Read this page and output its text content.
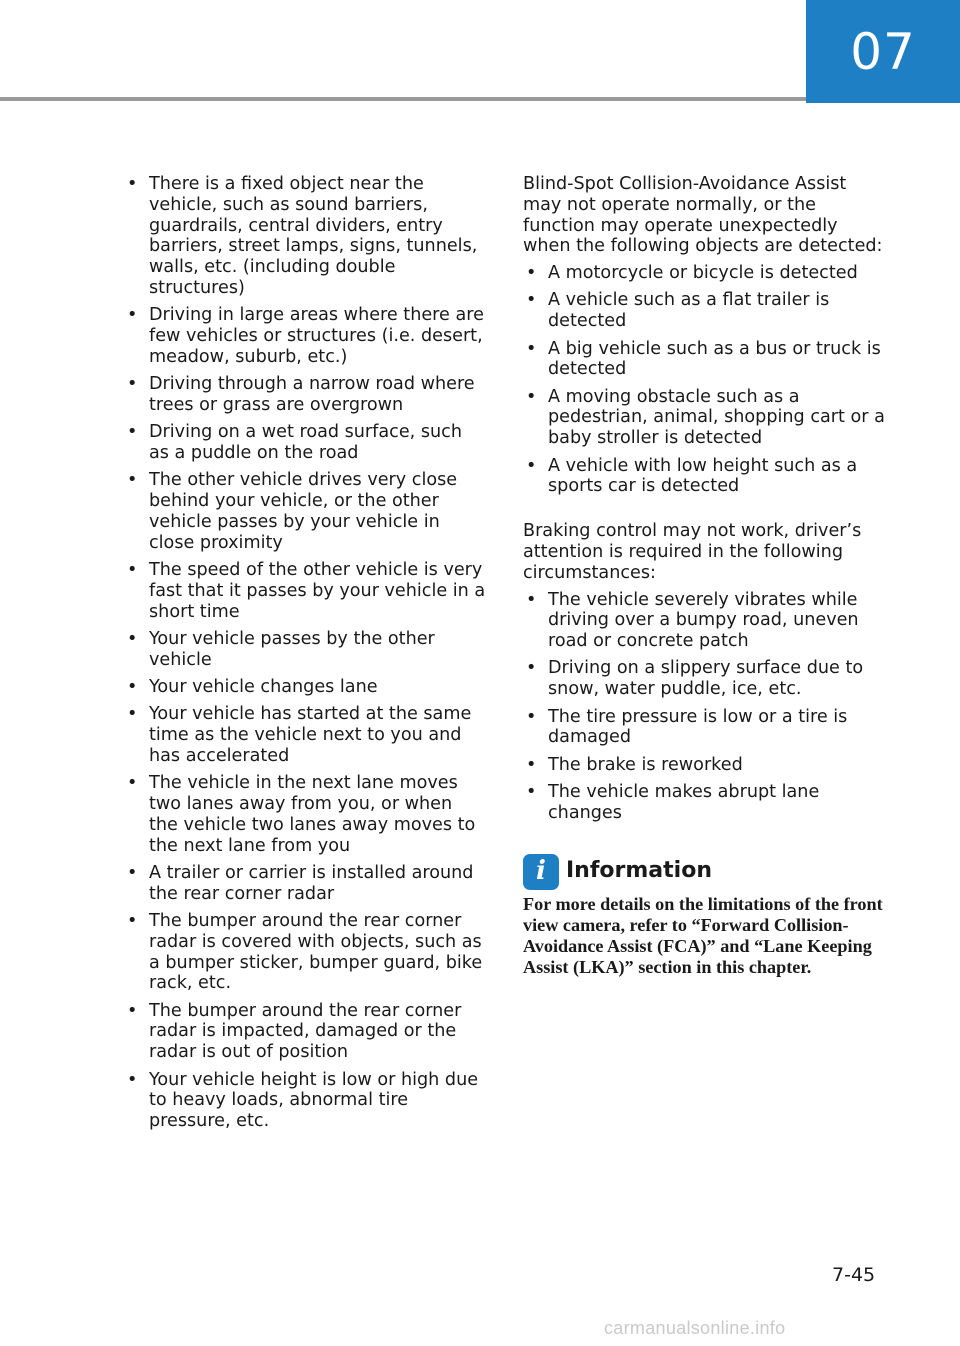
07
• There is a fixed object near the vehicle, such as sound barriers, guardrails, central dividers, entry barriers, street lamps, signs, tunnels, walls, etc. (including double structures)
• Driving in large areas where there are few vehicles or structures (i.e. desert, meadow, suburb, etc.)
• Driving through a narrow road where trees or grass are overgrown
• Driving on a wet road surface, such as a puddle on the road
• The other vehicle drives very close behind your vehicle, or the other vehicle passes by your vehicle in close proximity
• The speed of the other vehicle is very fast that it passes by your vehicle in a short time
• Your vehicle passes by the other vehicle
• Your vehicle changes lane
• Your vehicle has started at the same time as the vehicle next to you and has accelerated
• The vehicle in the next lane moves two lanes away from you, or when the vehicle two lanes away moves to the next lane from you
• A trailer or carrier is installed around the rear corner radar
• The bumper around the rear corner radar is covered with objects, such as a bumper sticker, bumper guard, bike rack, etc.
• The bumper around the rear corner radar is impacted, damaged or the radar is out of position
• Your vehicle height is low or high due to heavy loads, abnormal tire pressure, etc.

Blind-Spot Collision-Avoidance Assist may not operate normally, or the function may operate unexpectedly when the following objects are detected:

• A motorcycle or bicycle is detected
• A vehicle such as a flat trailer is detected
• A big vehicle such as a bus or truck is detected
• A moving obstacle such as a pedestrian, animal, shopping cart or a baby stroller is detected
• A vehicle with low height such as a sports car is detected

Braking control may not work, driver’s attention is required in the following circumstances:

• The vehicle severely vibrates while driving over a bumpy road, uneven road or concrete patch
• Driving on a slippery surface due to snow, water puddle, ice, etc.
• The tire pressure is low or a tire is damaged
• The brake is reworked
• The vehicle makes abrupt lane changes
i Information

For more details on the limitations of the front view camera, refer to “Forward Collision-Avoidance Assist (FCA)” and “Lane Keeping Assist (LKA)” section in this chapter.

7-45
carmanualsonline.info
